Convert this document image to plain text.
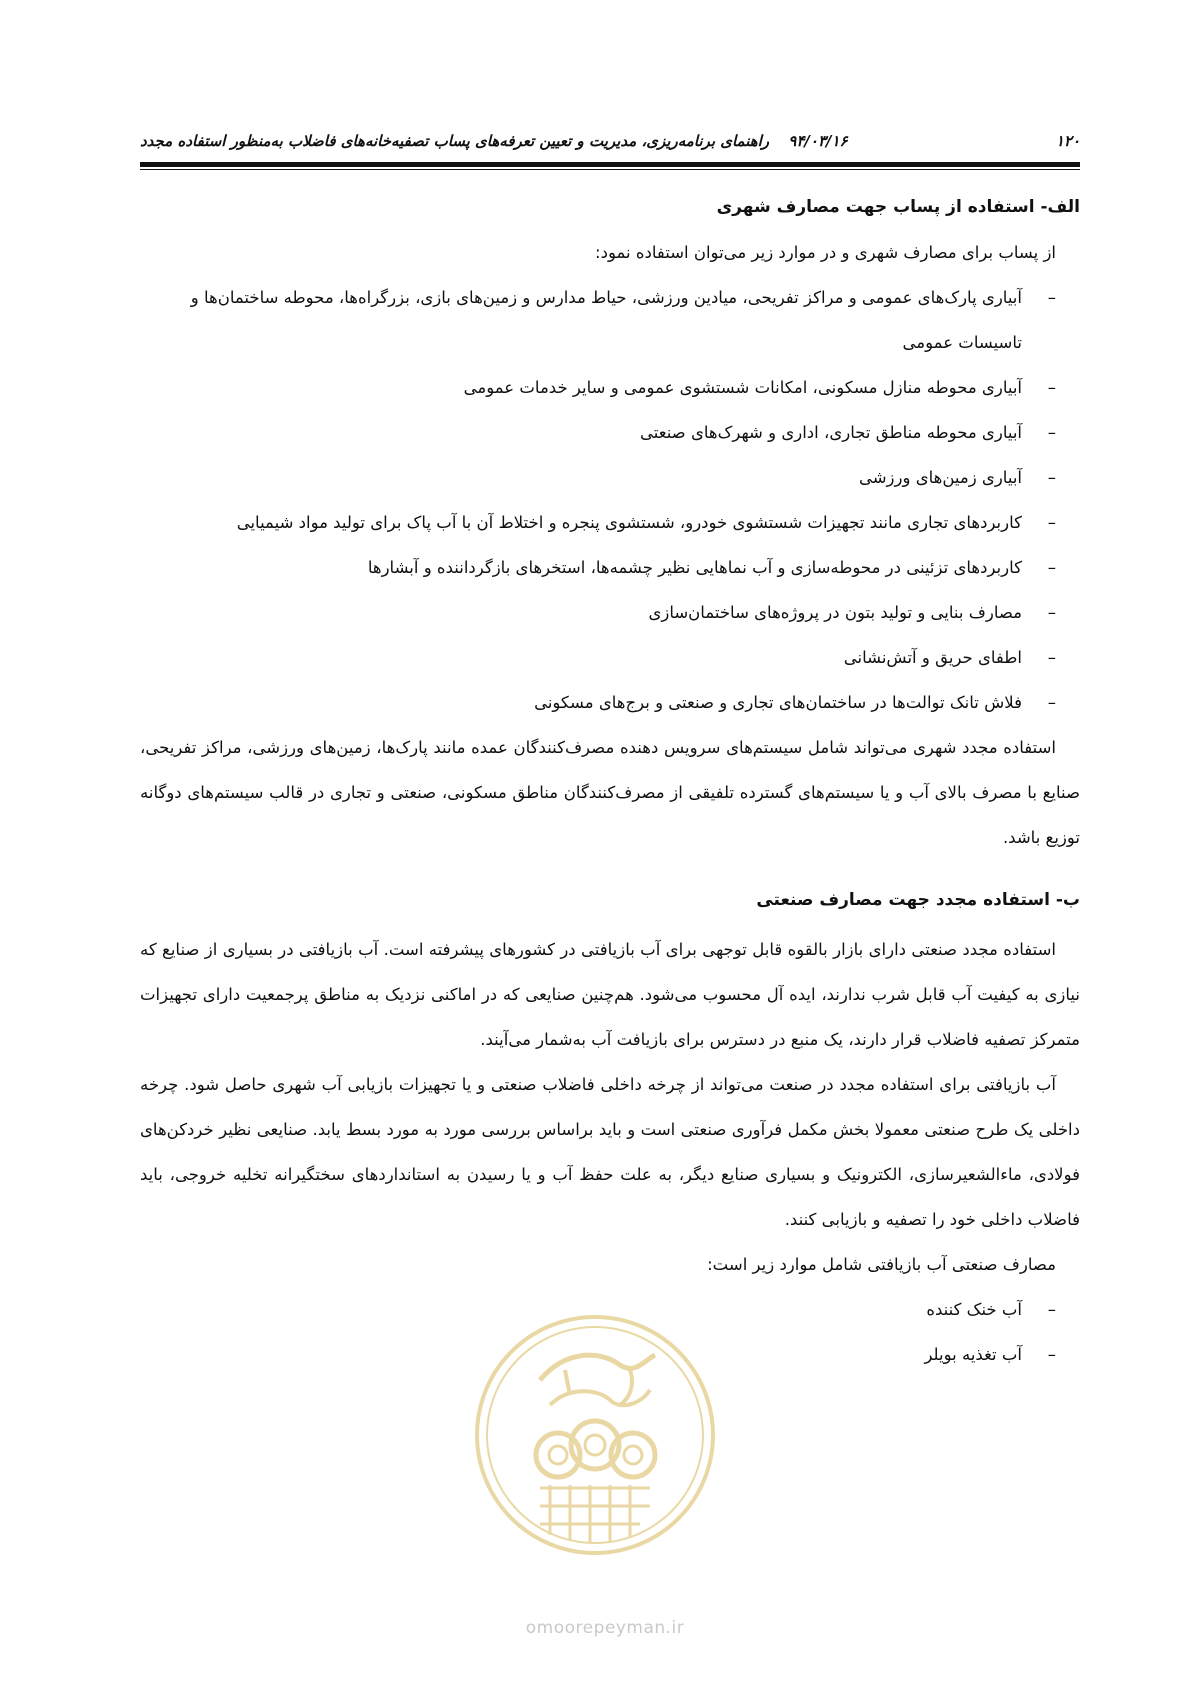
۱۲۰
۹۴/۰۳/۱۶ راهنمای برنامه‌ریزی، مدیریت و تعیین تعرفه‌های پساب تصفیه‌خانه‌های فاضلاب به‌منظور استفاده مجدد
الف- استفاده از پساب جهت مصارف شهری

از پساب برای مصارف شهری و در موارد زیر می‌توان استفاده نمود:

–
آبیاری پارک‌های عمومی و مراکز تفریحی، میادین ورزشی، حیاط مدارس و زمین‌های بازی، بزرگراه‌ها، محوطه ساختمان‌ها و تاسیسات عمومی
–
آبیاری محوطه منازل مسکونی، امکانات شستشوی عمومی و سایر خدمات عمومی
–
آبیاری محوطه مناطق تجاری، اداری و شهرک‌های صنعتی
–
آبیاری زمین‌های ورزشی
–
کاربردهای تجاری مانند تجهیزات شستشوی خودرو، شستشوی پنجره و اختلاط آن با آب پاک برای تولید مواد شیمیایی
–
کاربردهای تزئینی در محوطه‌سازی و آب نماهایی نظیر چشمه‌ها، استخرهای بازگرداننده و آبشارها
–
مصارف بنایی و تولید بتون در پروژه‌های ساختمان‌سازی
–
اطفای حریق و آتش‌نشانی
–
فلاش تانک توالت‌ها در ساختمان‌های تجاری و صنعتی و برج‌های مسکونی

استفاده مجدد شهری می‌تواند شامل سیستم‌های سرویس دهنده مصرف‌کنندگان عمده مانند پارک‌ها، زمین‌های ورزشی، مراکز تفریحی، صنایع با مصرف بالای آب و یا سیستم‌های گسترده تلفیقی از مصرف‌کنندگان مناطق مسکونی، صنعتی و تجاری در قالب سیستم‌های دوگانه توزیع باشد.

ب- استفاده مجدد جهت مصارف صنعتی

استفاده مجدد صنعتی دارای بازار بالقوه قابل توجهی برای آب بازیافتی در کشورهای پیشرفته است. آب بازیافتی در بسیاری از صنایع که نیازی به کیفیت آب قابل شرب ندارند، ایده آل محسوب می‌شود. هم‌چنین صنایعی که در اماکنی نزدیک به مناطق پرجمعیت دارای تجهیزات متمرکز تصفیه فاضلاب قرار دارند، یک منبع در دسترس برای بازیافت آب به‌شمار می‌آیند.

آب بازیافتی برای استفاده مجدد در صنعت می‌تواند از چرخه داخلی فاضلاب صنعتی و یا تجهیزات بازیابی آب شهری حاصل شود. چرخه داخلی یک طرح صنعتی معمولا بخش مکمل فرآوری صنعتی است و باید براساس بررسی مورد به مورد بسط یابد. صنایعی نظیر خردکن‌های فولادی، ماءالشعیرسازی، الکترونیک و بسیاری صنایع دیگر، به علت حفظ آب و یا رسیدن به استانداردهای سختگیرانه تخلیه خروجی، باید فاضلاب داخلی خود را تصفیه و بازیابی کنند.

مصارف صنعتی آب بازیافتی شامل موارد زیر است:

–
آب خنک کننده
–
آب تغذیه بویلر
omoorepeyman.ir
